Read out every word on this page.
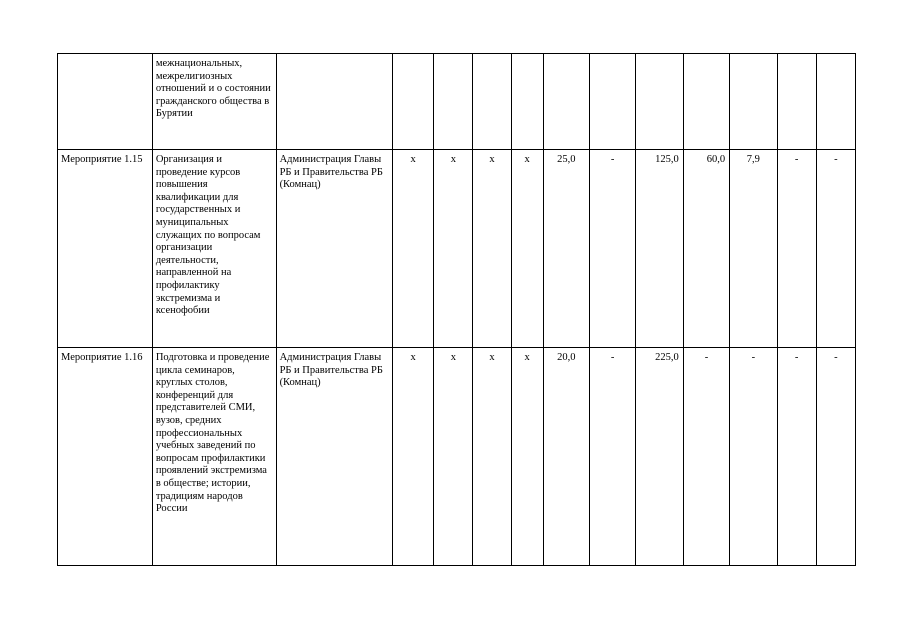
	межнациональных, межрелигиозных отношений и о состоянии гражданского общества в Бурятии												

Мероприятие 1.15	Организация и проведение курсов повышения квалификации для государственных и муниципальных служащих по вопросам организации деятельности, направленной на профилактику экстремизма и ксенофобии	Администрация Главы РБ и Правительства РБ (Комнац)	x	x	x	x	25,0	-	125,0	60,0	7,9	-	-

Мероприятие 1.16	Подготовка и проведение цикла семинаров, круглых столов, конференций для представителей СМИ, вузов, средних профессиональных учебных заведений по вопросам профилактики проявлений экстремизма в обществе; истории, традициям народов России	Администрация Главы РБ и Правительства РБ (Комнац)	x	x	x	x	20,0	-	225,0	-	-	-	-
